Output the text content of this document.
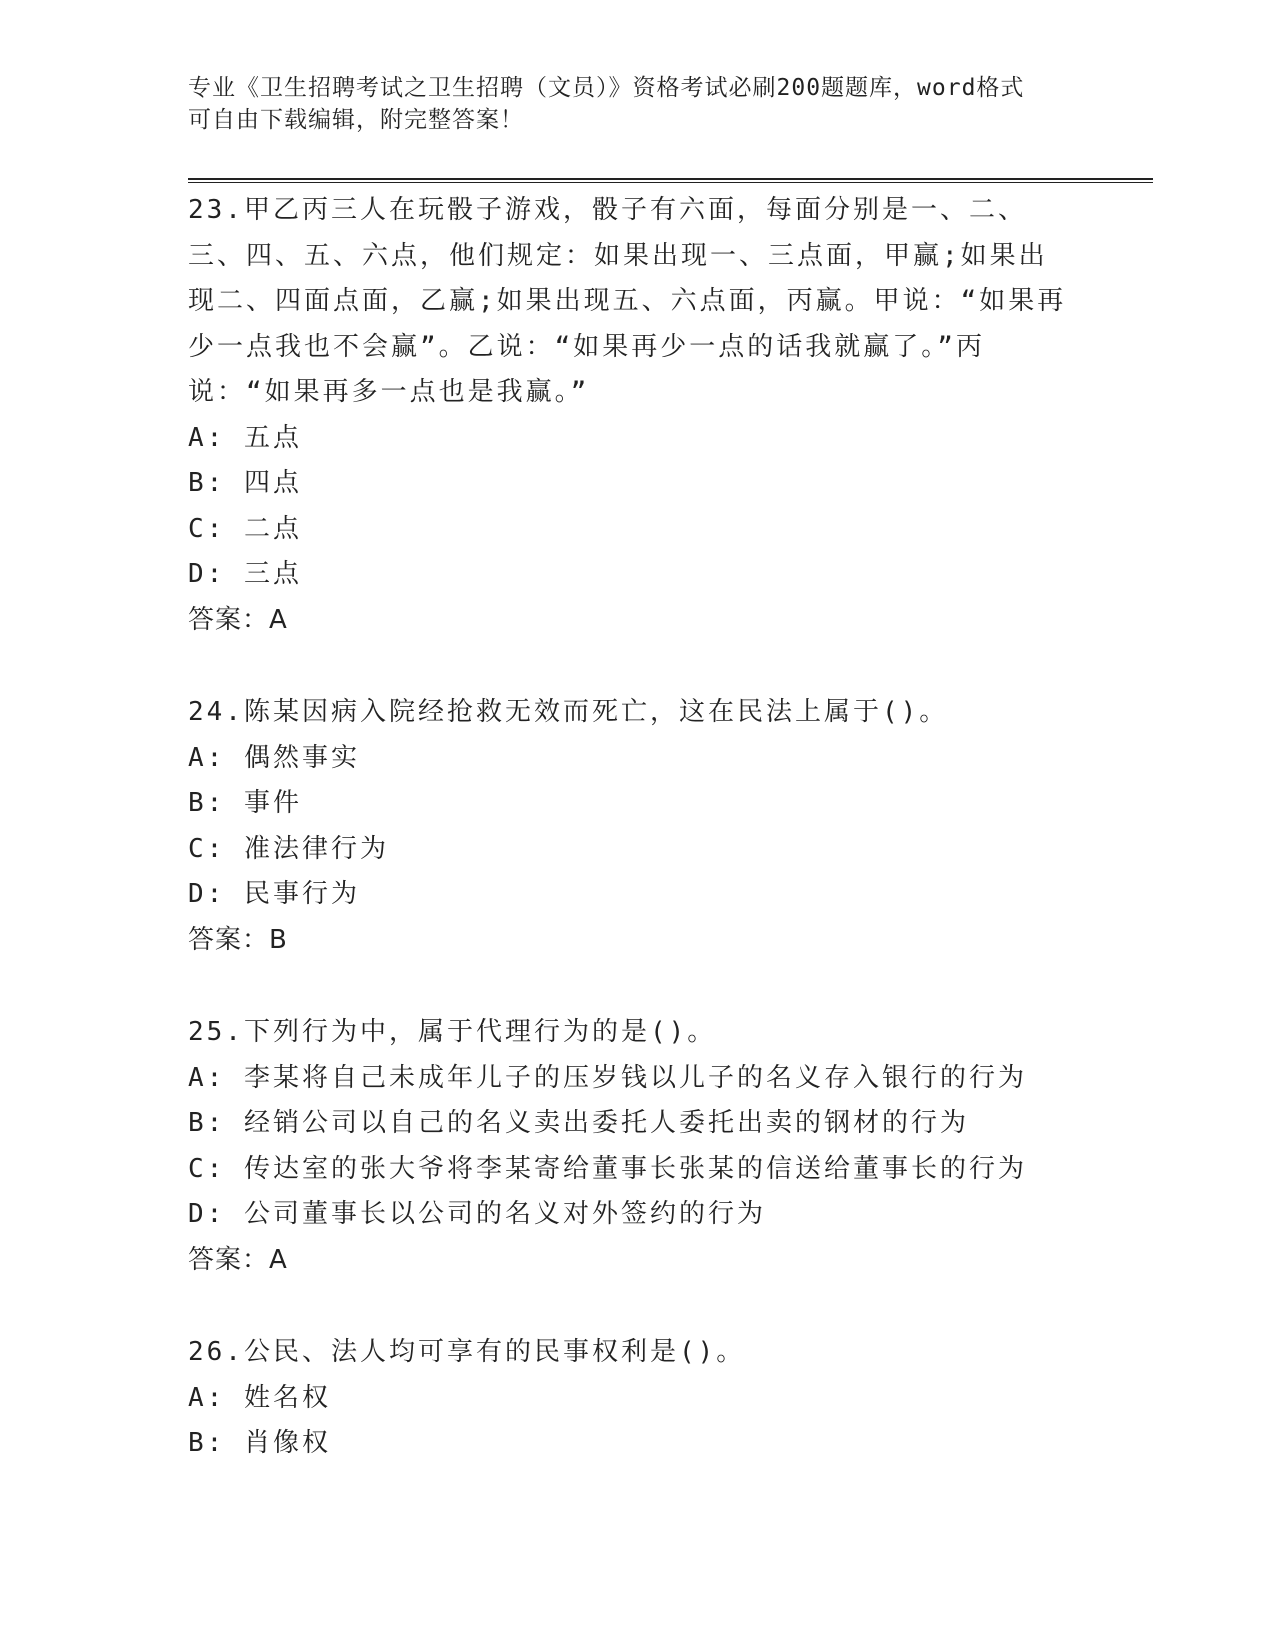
专业《卫生招聘考试之卫生招聘（文员）》资格考试必刷200题题库，word格式
可自由下载编辑，附完整答案！
23.甲乙丙三人在玩骰子游戏，骰子有六面，每面分别是一、二、三、四、五、六点，他们规定：如果出现一、三点面，甲赢;如果出现二、四面点面，乙赢;如果出现五、六点面，丙赢。甲说：“如果再少一点我也不会赢”。乙说：“如果再少一点的话我就赢了。”丙说：“如果再多一点也是我赢。”
A: 五点
B: 四点
C: 二点
D: 三点
答案：A
24.陈某因病入院经抢救无效而死亡，这在民法上属于()。
A: 偶然事实
B: 事件
C: 准法律行为
D: 民事行为
答案：B
25.下列行为中，属于代理行为的是()。
A: 李某将自己未成年儿子的压岁钱以儿子的名义存入银行的行为
B: 经销公司以自己的名义卖出委托人委托出卖的钢材的行为
C: 传达室的张大爷将李某寄给董事长张某的信送给董事长的行为
D: 公司董事长以公司的名义对外签约的行为
答案：A
26.公民、法人均可享有的民事权利是()。
A: 姓名权
B: 肖像权
